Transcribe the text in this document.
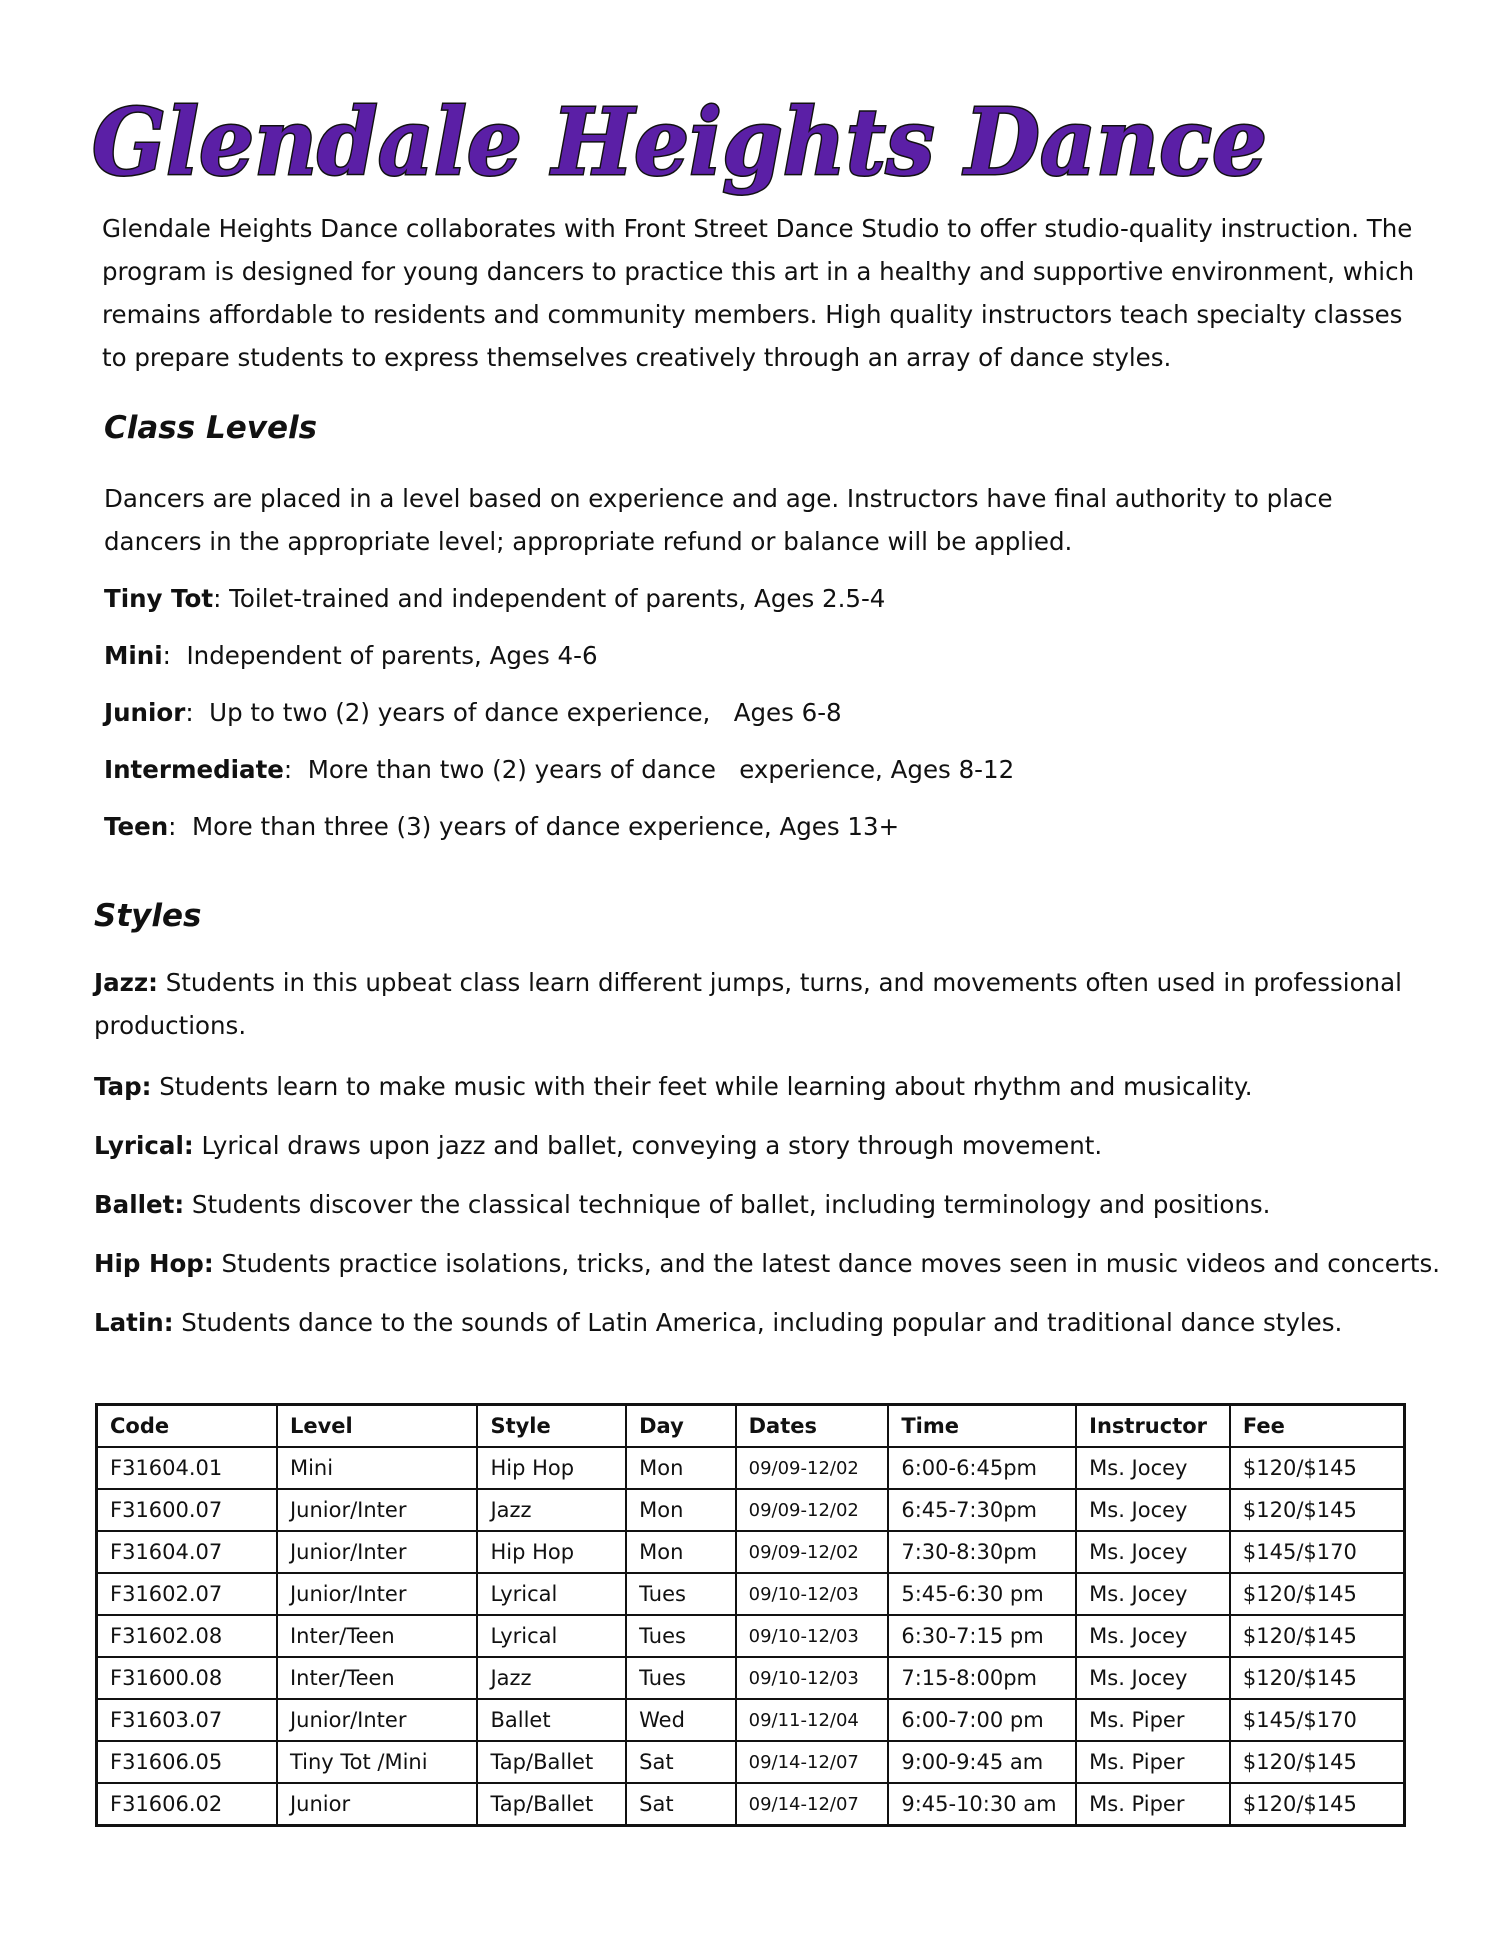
Glendale Heights Dance

Glendale Heights Dance collaborates with Front Street Dance Studio to offer studio-quality instruction. The program is designed for young dancers to practice this art in a healthy and supportive environment, which remains affordable to residents and community members. High quality instructors teach specialty classes to prepare students to express themselves creatively through an array of dance styles.

Class Levels

Dancers are placed in a level based on experience and age. Instructors have final authority to place dancers in the appropriate level; appropriate refund or balance will be applied.

Tiny Tot: Toilet-trained and independent of parents, Ages 2.5-4

Mini:  Independent of parents, Ages 4-6

Junior:  Up to two (2) years of dance experience,   Ages 6-8

Intermediate:  More than two (2) years of dance   experience, Ages 8-12

Teen:  More than three (3) years of dance experience, Ages 13+

Styles

Jazz: Students in this upbeat class learn different jumps, turns, and movements often used in professional productions.

Tap: Students learn to make music with their feet while learning about rhythm and musicality.

Lyrical: Lyrical draws upon jazz and ballet, conveying a story through movement.

Ballet: Students discover the classical technique of ballet, including terminology and positions.

Hip Hop: Students practice isolations, tricks, and the latest dance moves seen in music videos and concerts.

Latin: Students dance to the sounds of Latin America, including popular and traditional dance styles.

Code	Level	Style	Day	Dates	Time	Instructor	Fee
F31604.01	Mini	Hip Hop	Mon	09/09-12/02	6:00-6:45pm	Ms. Jocey	$120/$145
F31600.07	Junior/Inter	Jazz	Mon	09/09-12/02	6:45-7:30pm	Ms. Jocey	$120/$145
F31604.07	Junior/Inter	Hip Hop	Mon	09/09-12/02	7:30-8:30pm	Ms. Jocey	$145/$170
F31602.07	Junior/Inter	Lyrical	Tues	09/10-12/03	5:45-6:30 pm	Ms. Jocey	$120/$145
F31602.08	Inter/Teen	Lyrical	Tues	09/10-12/03	6:30-7:15 pm	Ms. Jocey	$120/$145
F31600.08	Inter/Teen	Jazz	Tues	09/10-12/03	7:15-8:00pm	Ms. Jocey	$120/$145
F31603.07	Junior/Inter	Ballet	Wed	09/11-12/04	6:00-7:00 pm	Ms. Piper	$145/$170
F31606.05	Tiny Tot /Mini	Tap/Ballet	Sat	09/14-12/07	9:00-9:45 am	Ms. Piper	$120/$145
F31606.02	Junior	Tap/Ballet	Sat	09/14-12/07	9:45-10:30 am	Ms. Piper	$120/$145
